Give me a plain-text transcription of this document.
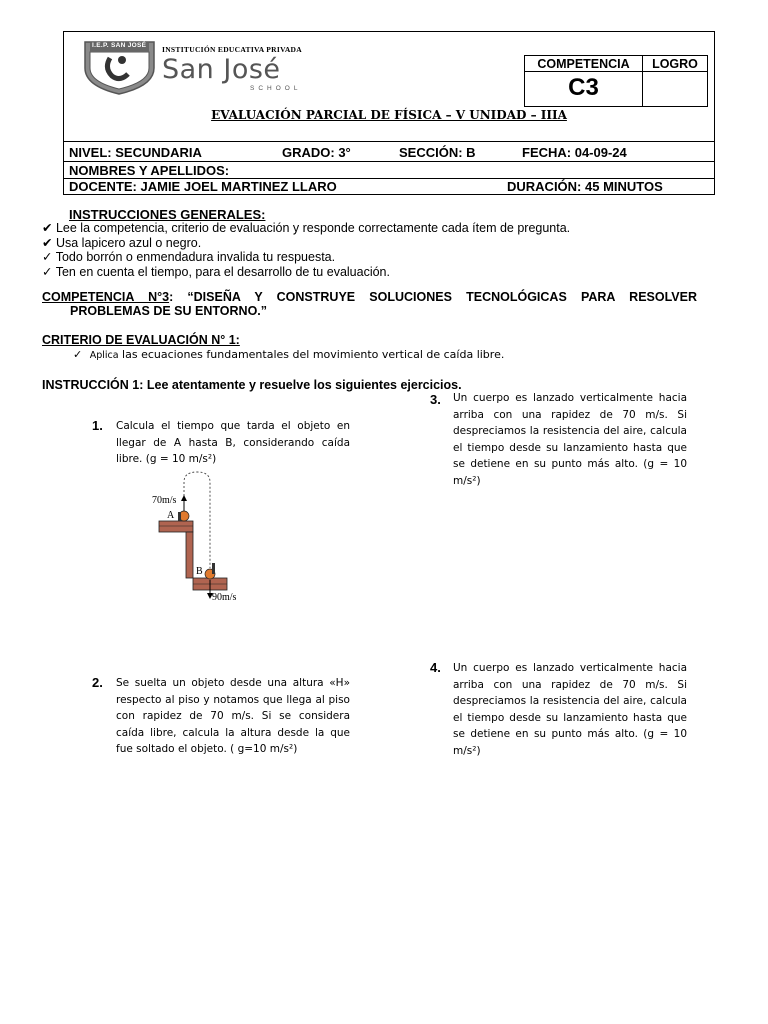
I.E.P. SAN JOSÉ INSTITUCIÓN EDUCATIVA PRIVADA
San José
SCHOOL
COMPETENCIA	LOGRO
C3
EVALUACIÓN PARCIAL DE FÍSICA – V UNIDAD – IIIA
NIVEL: SECUNDARIA	GRADO: 3°	SECCIÓN: B	FECHA: 04-09-24
NOMBRES Y APELLIDOS:
DOCENTE: JAMIE JOEL MARTINEZ LLARO	DURACIÓN: 45 MINUTOS
INSTRUCCIONES GENERALES:
✔ Lee la competencia, criterio de evaluación y responde correctamente cada ítem de pregunta.
✔ Usa lapicero azul o negro.
✓ Todo borrón o enmendadura invalida tu respuesta.
✓ Ten en cuenta el tiempo, para el desarrollo de tu evaluación.
COMPETENCIA N°3: “DISEÑA Y CONSTRUYE SOLUCIONES TECNOLÓGICAS PARA RESOLVER
PROBLEMAS DE SU ENTORNO.”
CRITERIO DE EVALUACIÓN N° 1:
✓ Aplica las ecuaciones fundamentales del movimiento vertical de caída libre.
INSTRUCCIÓN 1: Lee atentamente y resuelve los siguientes ejercicios.
1. Calcula el tiempo que tarda el objeto en llegar de A hasta B, considerando caída libre. (g = 10 m/s²)
70m/s
A
B
90m/s
2. Se suelta un objeto desde una altura «H» respecto al piso y notamos que llega al piso con rapidez de 70 m/s. Si se considera caída libre, calcula la altura desde la que fue soltado el objeto. ( g=10 m/s²)
3. Un cuerpo es lanzado verticalmente hacia arriba con una rapidez de 70 m/s. Si despreciamos la resistencia del aire, calcula el tiempo desde su lanzamiento hasta que se detiene en su punto más alto. (g = 10 m/s²)
4. Un cuerpo es lanzado verticalmente hacia arriba con una rapidez de 70 m/s. Si despreciamos la resistencia del aire, calcula el tiempo desde su lanzamiento hasta que se detiene en su punto más alto. (g = 10 m/s²)
